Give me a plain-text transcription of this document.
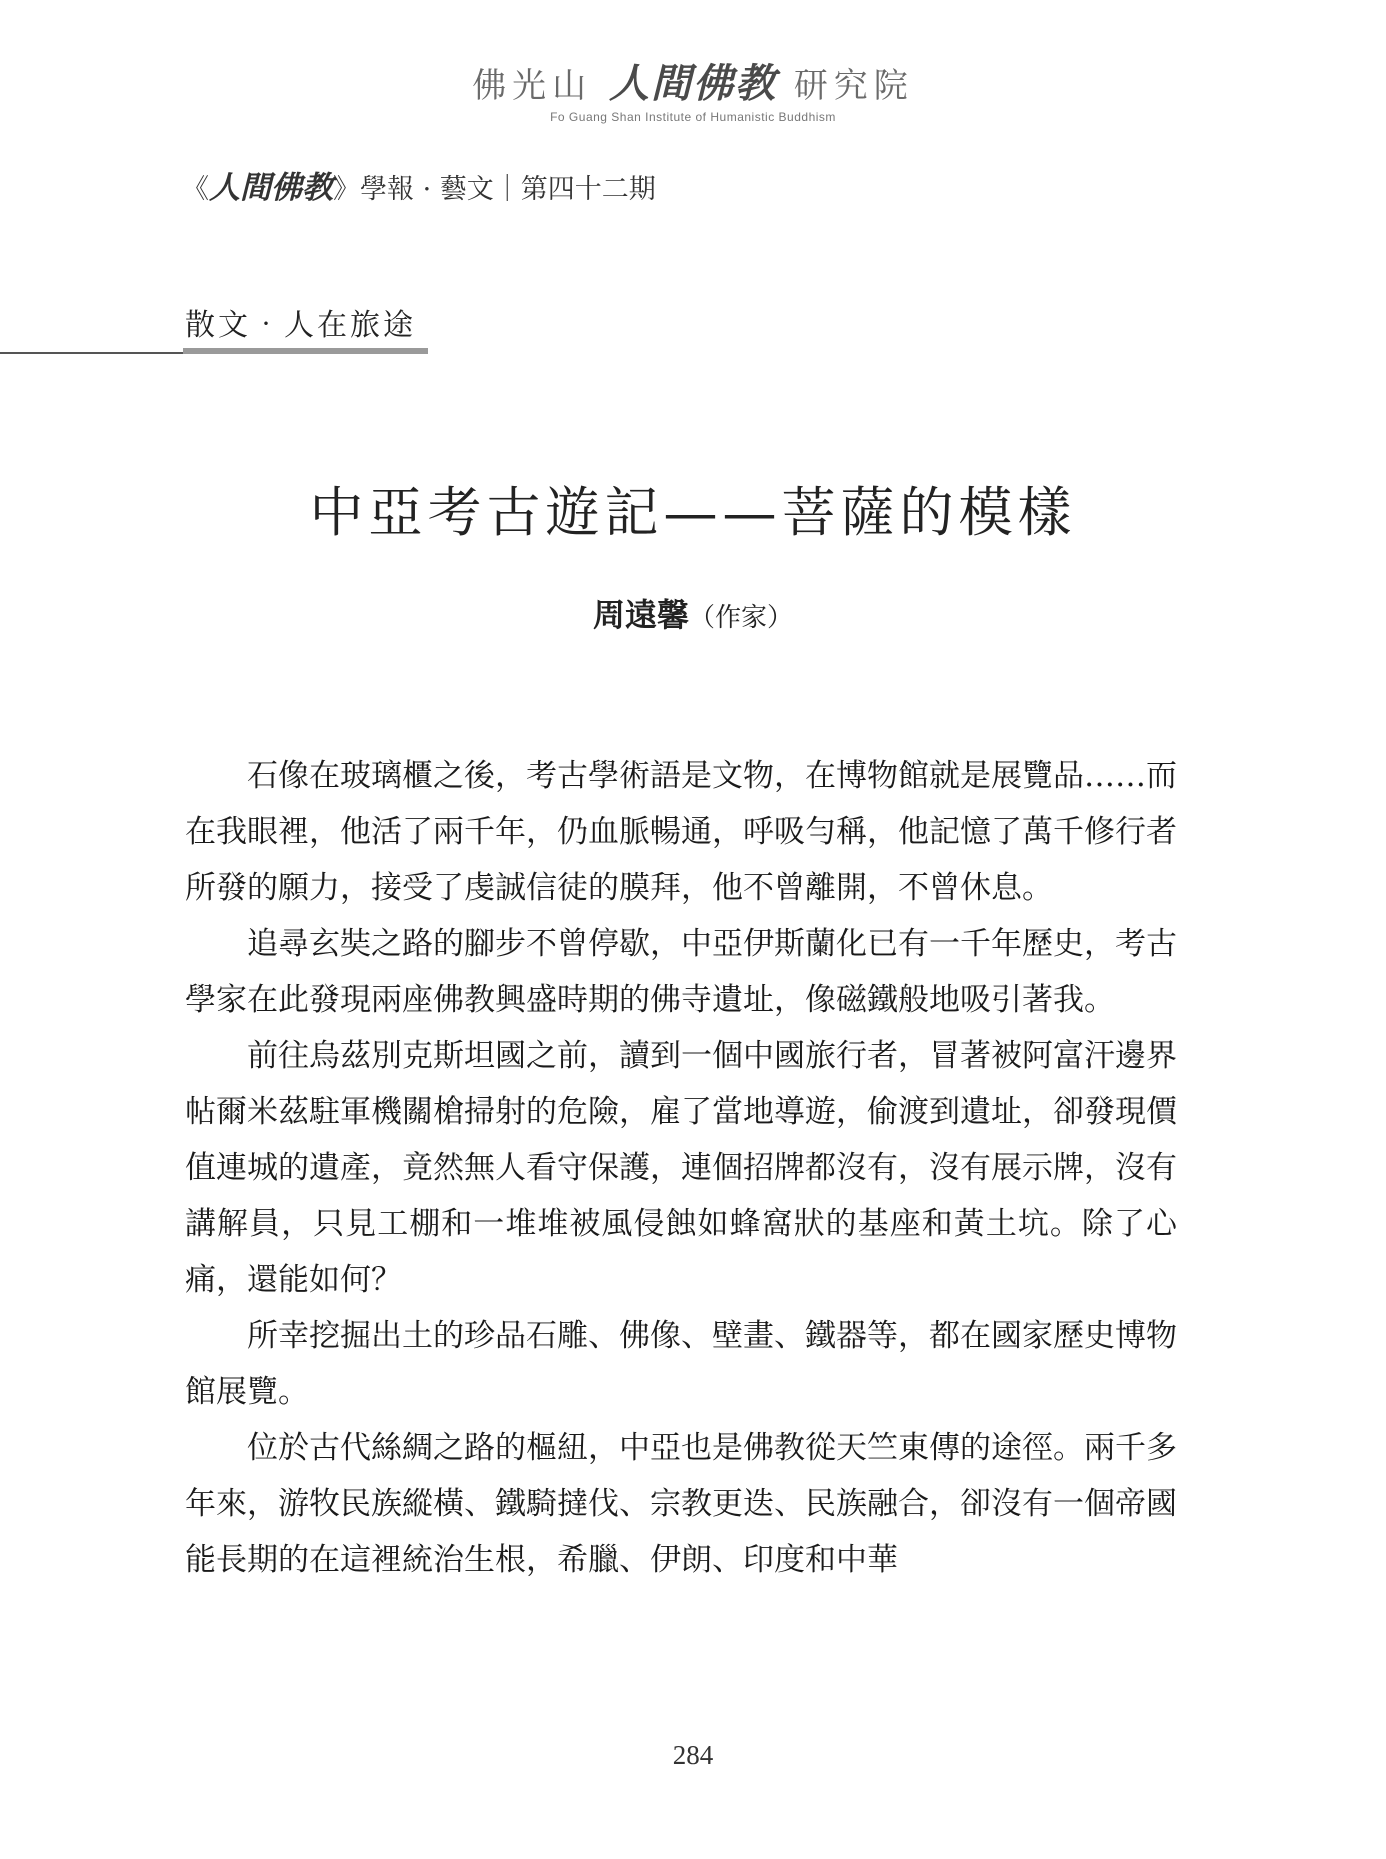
佛光山 人間佛教 研究院
Fo Guang Shan Institute of Humanistic Buddhism
《人間佛教》學報 · 藝文｜第四十二期
散文‧人在旅途
中亞考古遊記——菩薩的模樣
周遠馨（作家）

石像在玻璃櫃之後，考古學術語是文物，在博物館就是展覽品……而在我眼裡，他活了兩千年，仍血脈暢通，呼吸勻稱，他記憶了萬千修行者所發的願力，接受了虔誠信徒的膜拜，他不曾離開，不曾休息。

追尋玄奘之路的腳步不曾停歇，中亞伊斯蘭化已有一千年歷史，考古學家在此發現兩座佛教興盛時期的佛寺遺址，像磁鐵般地吸引著我。

前往烏茲別克斯坦國之前，讀到一個中國旅行者，冒著被阿富汗邊界帖爾米茲駐軍機關槍掃射的危險，雇了當地導遊，偷渡到遺址，卻發現價值連城的遺產，竟然無人看守保護，連個招牌都沒有，沒有展示牌，沒有講解員，只見工棚和一堆堆被風侵蝕如蜂窩狀的基座和黃土坑。除了心痛，還能如何？

所幸挖掘出土的珍品石雕、佛像、壁畫、鐵器等，都在國家歷史博物館展覽。

位於古代絲綢之路的樞紐，中亞也是佛教從天竺東傳的途徑。兩千多年來，游牧民族縱橫、鐵騎撻伐、宗教更迭、民族融合，卻沒有一個帝國能長期的在這裡統治生根，希臘、伊朗、印度和中華

284
